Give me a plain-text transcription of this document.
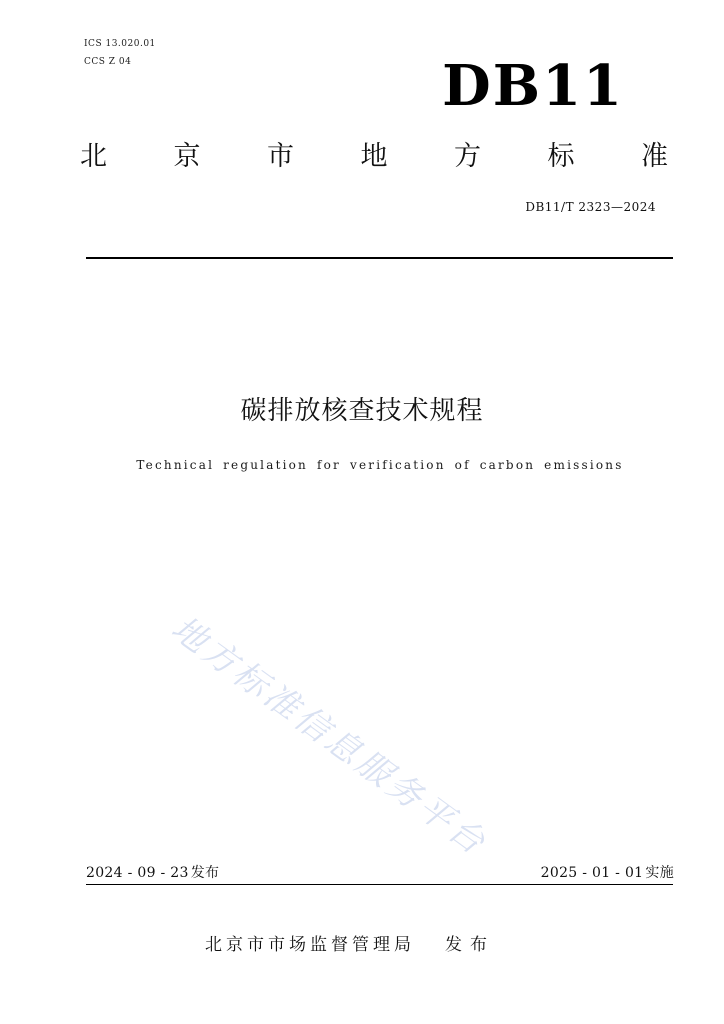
ICS 13.020.01
CCS Z 04	DB11
北 京 市 地 方 标 准
DB11/T 2323—2024
碳排放核查技术规程
Technical regulation for verification of carbon emissions
地方标准信息服务平台
2024 - 09 - 23 发布	2025 - 01 - 01 实施
北京市市场监督管理局 发布
